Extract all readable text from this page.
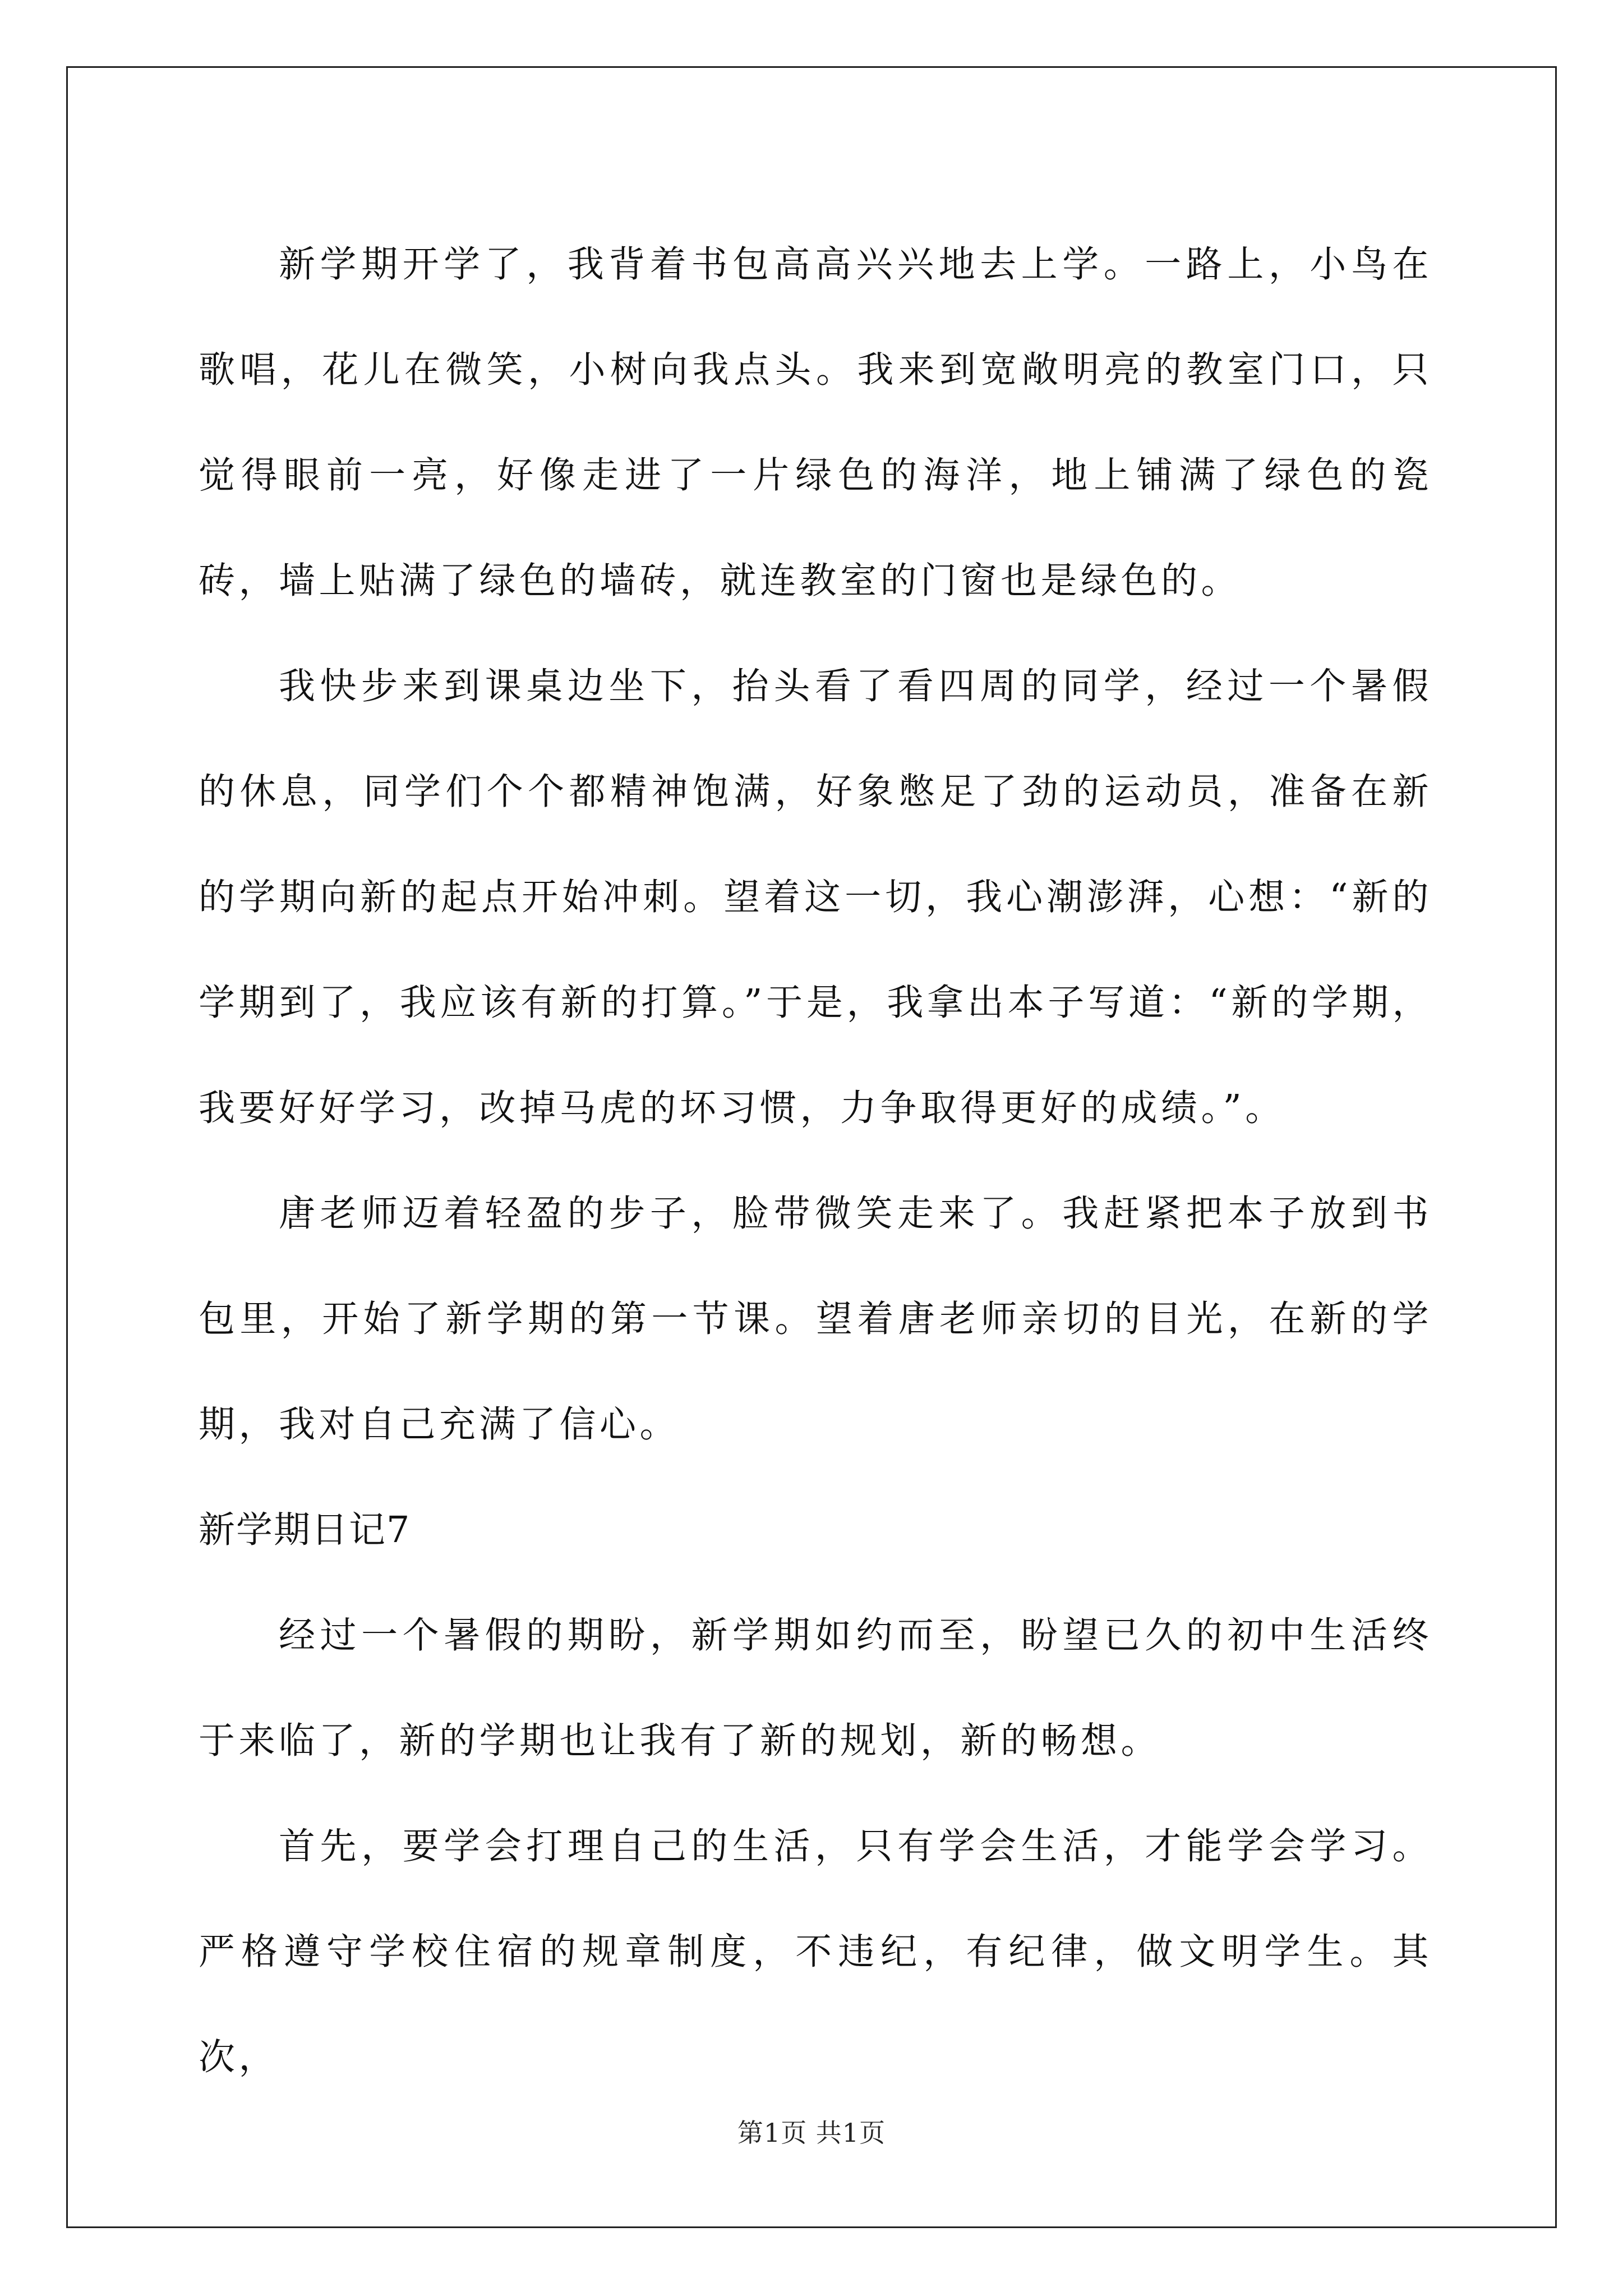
新学期开学了，我背着书包高高兴兴地去上学。一路上，小鸟在歌唱，花儿在微笑，小树向我点头。我来到宽敞明亮的教室门口，只觉得眼前一亮，好像走进了一片绿色的海洋，地上铺满了绿色的瓷砖，墙上贴满了绿色的墙砖，就连教室的门窗也是绿色的。

我快步来到课桌边坐下，抬头看了看四周的同学，经过一个暑假的休息，同学们个个都精神饱满，好象憋足了劲的运动员，准备在新的学期向新的起点开始冲刺。望着这一切，我心潮澎湃，心想：“新的学期到了，我应该有新的打算。”于是，我拿出本子写道：“新的学期，我要好好学习，改掉马虎的坏习惯，力争取得更好的成绩。”。

唐老师迈着轻盈的步子，脸带微笑走来了。我赶紧把本子放到书包里，开始了新学期的第一节课。望着唐老师亲切的目光，在新的学期，我对自己充满了信心。

新学期日记7

经过一个暑假的期盼，新学期如约而至，盼望已久的初中生活终于来临了，新的学期也让我有了新的规划，新的畅想。

首先，要学会打理自己的生活，只有学会生活，才能学会学习。严格遵守学校住宿的规章制度，不违纪，有纪律，做文明学生。其次，

第1页 共1页
